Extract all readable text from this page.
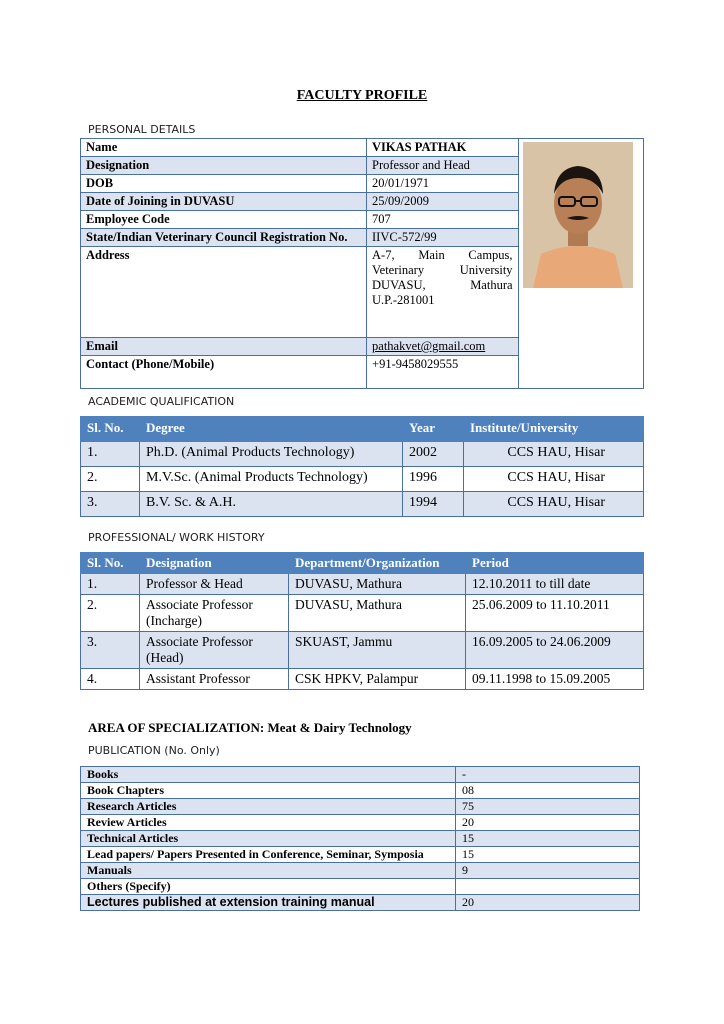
FACULTY PROFILE
PERSONAL DETAILS
Name	VIKAS PATHAK	

Designation	Professor and Head	
DOB	20/01/1971	
Date of Joining in DUVASU	25/09/2009	
Employee Code	707	
State/Indian Veterinary Council Registration No.	IIVC-572/99	
Address	A-7, Main Campus, Veterinary University DUVASU, Mathura U.P.-281001	
Email	pathakvet@gmail.com	
Contact (Phone/Mobile)	+91-9458029555	
ACADEMIC QUALIFICATION
Sl. No.	Degree	Year	Institute/University
1.	Ph.D. (Animal Products Technology)	2002	CCS HAU, Hisar
2.	M.V.Sc. (Animal Products Technology)	1996	CCS HAU, Hisar
3.	B.V. Sc. & A.H.	1994	CCS HAU, Hisar
PROFESSIONAL/ WORK HISTORY
Sl. No.	Designation	Department/Organization	Period
1.	Professor & Head	DUVASU, Mathura	12.10.2011 to till date
2.	Associate Professor (Incharge)	DUVASU, Mathura	25.06.2009 to 11.10.2011
3.	Associate Professor (Head)	SKUAST, Jammu	16.09.2005 to 24.06.2009
4.	Assistant Professor	CSK HPKV, Palampur	09.11.1998 to 15.09.2005
AREA OF SPECIALIZATION: Meat & Dairy Technology
PUBLICATION (No. Only)
Books	-
Book Chapters	08
Research Articles	75
Review Articles	20
Technical Articles	15
Lead papers/ Papers Presented in Conference, Seminar, Symposia	15
Manuals	9
Others (Specify)	
Lectures published at extension training manual	20
